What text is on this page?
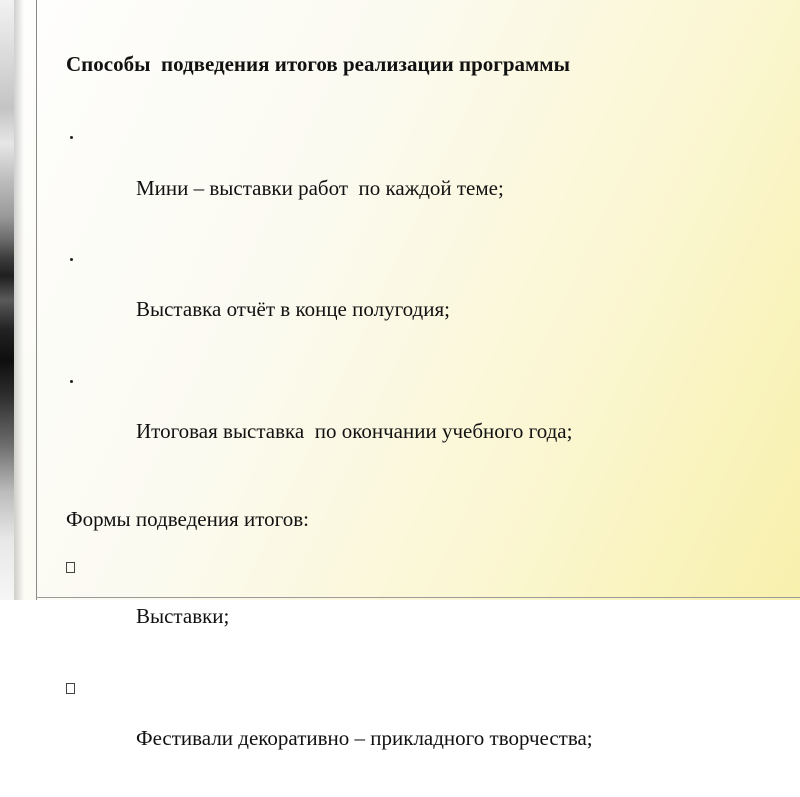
Способы  подведения итогов реализации программы

Мини – выставки работ  по каждой теме;

Выставка отчёт в конце полугодия;

Итоговая выставка  по окончании учебного года;

Формы подведения итогов:

Выставки;

Фестивали декоративно – прикладного творчества;
